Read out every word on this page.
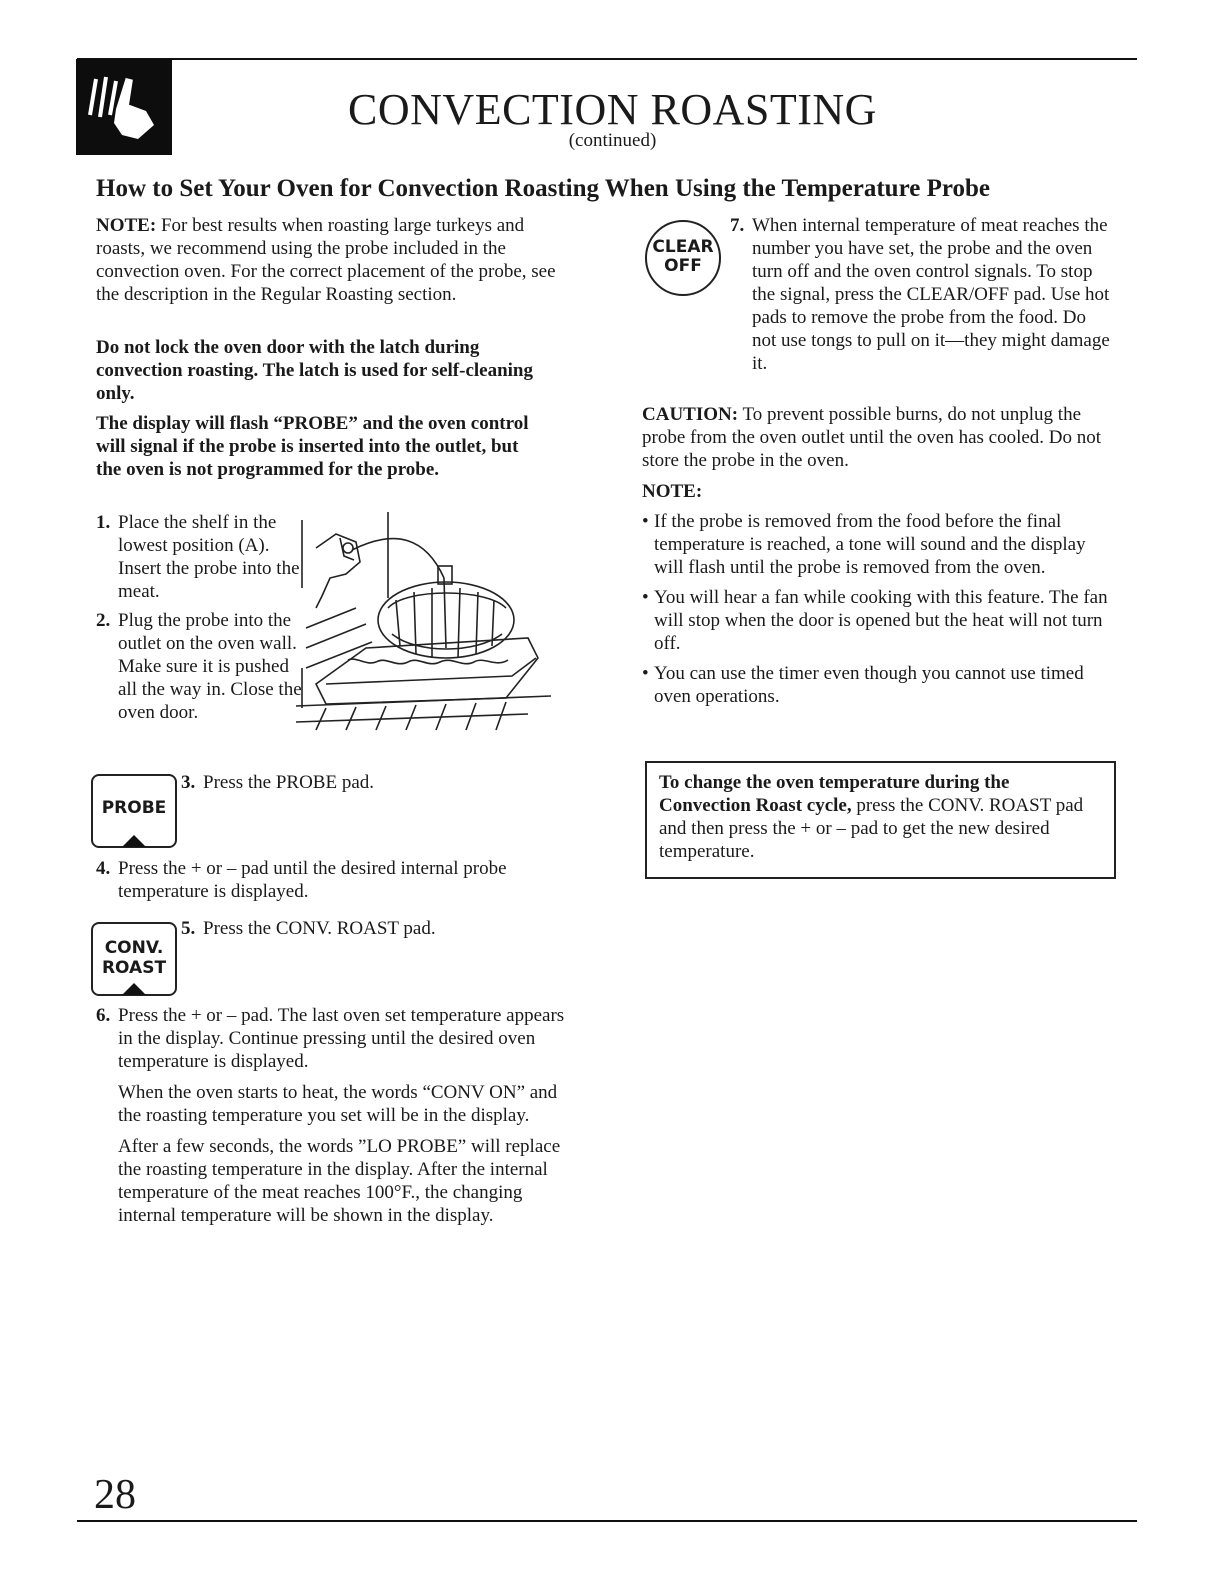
CONVECTION ROASTING
(continued)
How to Set Your Oven for Convection Roasting When Using the Temperature Probe
NOTE: For best results when roasting large turkeys and roasts, we recommend using the probe included in the convection oven. For the correct placement of the probe, see the description in the Regular Roasting section.
Do not lock the oven door with the latch during convection roasting. The latch is used for self-cleaning only.
The display will flash “PROBE” and the oven control will signal if the probe is inserted into the outlet, but the oven is not programmed for the probe.
1. Place the shelf in the lowest position (A). Insert the probe into the meat.
2. Plug the probe into the outlet on the oven wall. Make sure it is pushed all the way in. Close the oven door.
PROBE
3. Press the PROBE pad.
4. Press the + or – pad until the desired internal probe temperature is displayed.
CONV.
ROAST
5. Press the CONV. ROAST pad.
6. Press the + or – pad. The last oven set temperature appears in the display. Continue pressing until the desired oven temperature is displayed.
When the oven starts to heat, the words “CONV ON” and the roasting temperature you set will be in the display.
After a few seconds, the words ”LO PROBE” will replace the roasting temperature in the display. After the internal temperature of the meat reaches 100°F., the changing internal temperature will be shown in the display.
CLEAR
OFF
7. When internal temperature of meat reaches the number you have set, the probe and the oven turn off and the oven control signals. To stop the signal, press the CLEAR/OFF pad. Use hot pads to remove the probe from the food. Do not use tongs to pull on it—they might damage it.
CAUTION: To prevent possible burns, do not unplug the probe from the oven outlet until the oven has cooled. Do not store the probe in the oven.
NOTE:
• If the probe is removed from the food before the final temperature is reached, a tone will sound and the display will flash until the probe is removed from the oven.
• You will hear a fan while cooking with this feature. The fan will stop when the door is opened but the heat will not turn off.
• You can use the timer even though you cannot use timed oven operations.
To change the oven temperature during the Convection Roast cycle, press the CONV. ROAST pad and then press the + or – pad to get the new desired temperature.
28
